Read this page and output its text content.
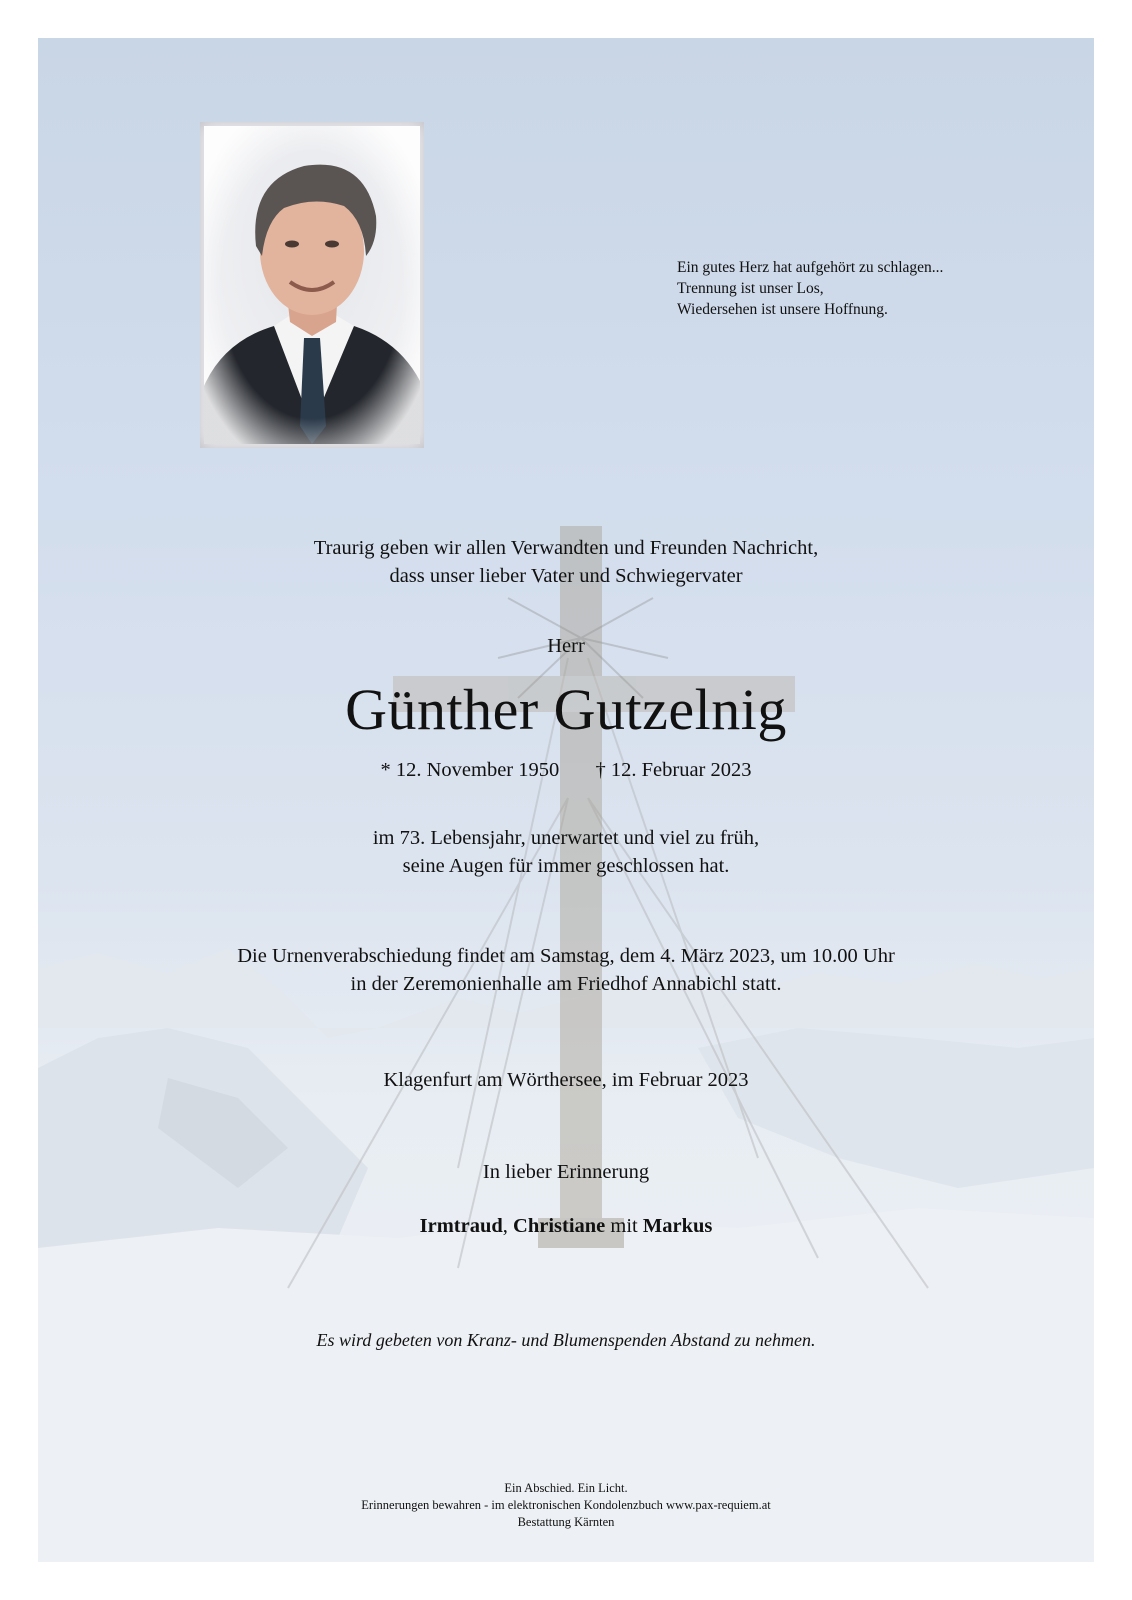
Ein gutes Herz hat aufgehört zu schlagen...
Trennung ist unser Los,
Wiedersehen ist unsere Hoffnung.
Traurig geben wir allen Verwandten und Freunden Nachricht,
dass unser lieber Vater und Schwiegervater
Herr
Günther Gutzelnig
* 12. November 1950 † 12. Februar 2023
im 73. Lebensjahr, unerwartet und viel zu früh,
seine Augen für immer geschlossen hat.
Die Urnenverabschiedung findet am Samstag, dem 4. März 2023, um 10.00 Uhr
in der Zeremonienhalle am Friedhof Annabichl statt.
Klagenfurt am Wörthersee, im Februar 2023
In lieber Erinnerung
Irmtraud, Christiane mit Markus
Es wird gebeten von Kranz- und Blumenspenden Abstand zu nehmen.
Ein Abschied. Ein Licht.
Erinnerungen bewahren - im elektronischen Kondolenzbuch www.pax-requiem.at
Bestattung Kärnten
